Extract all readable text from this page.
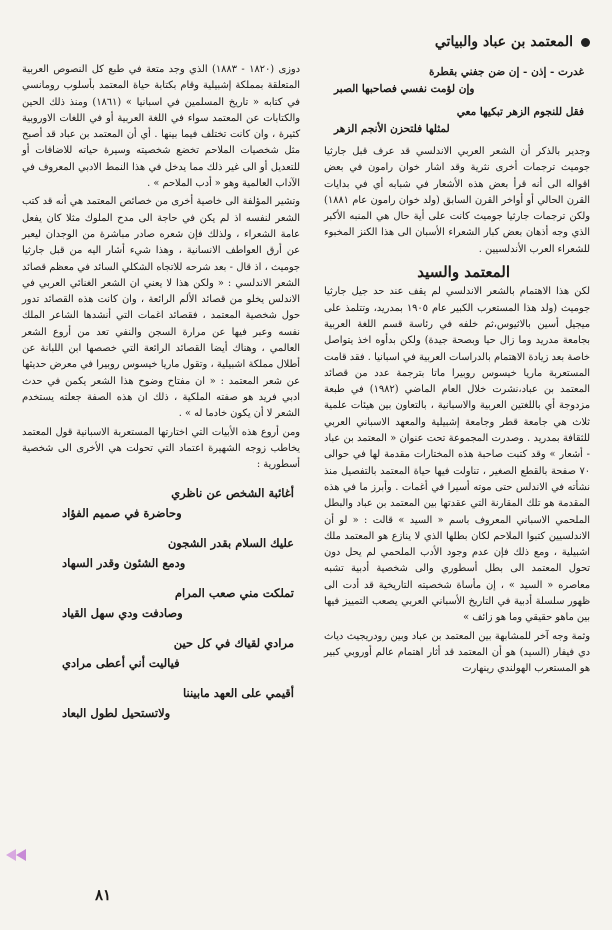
المعتمد بن عباد والبياتي
غدرت - إذن - إن ضن جفني بقطرة
وإن لؤمت نفسي فصاحبها الصبر
فقل للنجوم الزهر تبكيها معي
لمثلها فلتحزن الأنجم الزهر

وجدير بالذكر أن الشعر العربي الاندلسي قد عرف قبل جارثيا جوميث ترجمات أخرى نثرية وقد اشار خوان رامون في بعض اقواله الى أنه قرأ بعض هذه الأشعار في شبابه أي في بدايات القرن الحالي أو أواخر القرن السابق (ولد خوان رامون عام ١٨٨١) ولكن ترجمات جارثيا جوميث كانت على أية حال هي المنبه الأكبر الذي وجه أذهان بعض كبار الشعراء الأسبان الى هذا الكنز المخبوء للشعراء العرب الأندلسيين .

المعتمد والسيد

لكن هذا الاهتمام بالشعر الاندلسي لم يقف عند حد جيل جارثيا جوميث (ولد هذا المستعرب الكبير عام ١٩٠٥ بمدريد، وتتلمذ على ميجيل أسين بالاثيوس،ثم خلفه في رئاسة قسم اللغة العربية بجامعة مدريد وما زال حيا وبصحة جيدة) ولكن بدأوه اخذ يتواصل خاصة بعد زيادة الاهتمام بالدراسات العربية في اسبانيا . فقد قامت المستعربة ماريا خيسوس روبيرا ماتا بترجمة عدد من قصائد المعتمد بن عباد،نشرت خلال العام الماضي (١٩٨٢) في طبعة مزدوجة أي باللغتين العربية والاسبانية ، بالتعاون بين هيئات علمية ثلاث هي جامعة قطر وجامعة إشبيلية والمعهد الاسباني العربي للثقافة بمدريد . وصدرت المجموعة تحت عنوان « المعتمد بن عباد - أشعار » وقد كتبت صاحبة هذه المختارات مقدمة لها في حوالى ٧٠ صفحة بالقطع الصغير ، تناولت فيها حياة المعتمد بالتفصيل منذ نشأته في الاندلس حتى موته أسيرا في أغمات . وأبرز ما في هذه المقدمة هو تلك المقارنة التي عقدتها بين المعتمد بن عباد والبطل الملحمي الاسباني المعروف باسم « السيد » قالت : « لو أن الاندلسيين كتبوا الملاحم لكان بطلها الذي لا ينازع هو المعتمد ملك اشبيلية ، ومع ذلك فإن عدم وجود الأدب الملحمي لم يحل دون تحول المعتمد الى بطل أسطوري والى شخصية أدبية تشبه معاصره « السيد » ، إن مأساة شخصيته التاريخية قد أدت الى ظهور سلسلة أدبية في التاريخ الأسباني العربي يصعب التمييز فيها بين ماهو حقيقي وما هو زائف »

وثمة وجه آخر للمشابهة بين المعتمد بن عباد وبين رودريجيث دياث دي فيفار (السيد) هو أن المعتمد قد أثار اهتمام عالم أوروبي كبير هو المستعرب الهولندي رينهارت

دوزى (١٨٢٠ - ١٨٨٣) الذي وجد متعة في طبع كل النصوص العربية المتعلقة بمملكة إشبيلية وقام بكتابة حياة المعتمد بأسلوب رومانسي في كتابه « تاريخ المسلمين في اسبانيا » (١٨٦١) ومنذ ذلك الحين والكتابات عن المعتمد سواء في اللغة العربية أو في اللغات الاوروبية كثيرة ، وان كانت تختلف فيما بينها . أي أن المعتمد بن عباد قد أصبح مثل شخصيات الملاحم تخضع شخصيته وسيرة حياته للاضافات أو للتعديل أو الى غير ذلك مما يدخل في هذا النمط الادبي المعروف في الآداب العالمية وهو « أدب الملاحم » .

وتشير المؤلفة الى خاصية أخرى من خصائص المعتمد هي أنه قد كتب الشعر لنفسه اذ لم يكن في حاجة الى مدح الملوك مثلا كان يفعل عامة الشعراء ، ولذلك فإن شعره صادر مباشرة من الوجدان ليعبر عن أرق العواطف الانسانية ، وهذا شيء أشار اليه من قبل جارثيا جوميث ، اذ قال - بعد شرحه للاتجاه الشكلي السائد في معظم قصائد الشعر الاندلسي : « ولكن هذا لا يعني ان الشعر الغنائي العربي في الاندلس يخلو من قصائد الألم الرائعة ، وان كانت هذه القصائد تدور حول شخصية المعتمد ، فقصائد اغمات التي أنشدها الشاعر الملك نفسه وعبر فيها عن مرارة السجن والنفي تعد من أروع الشعر العالمي ، وهناك أيضا القصائد الرائعة التي خصصها ابن اللبانة عن أطلال مملكة اشبيلية ، وتقول ماريا خيسوس روبيرا في معرض حديثها عن شعر المعتمد : « ان مفتاح وضوح هذا الشعر يكمن في حدث ادبي فريد هو صفته الملكية ، ذلك ان هذه الصفة جعلته يستخدم الشعر لا أن يكون خادما له » .

ومن أروع هذه الأبيات التي اختارتها المستعربة الاسبانية قول المعتمد يخاطب زوجه الشهيرة اعتماد التي تحولت هي الأخرى الى شخصية أسطورية :

أغائبة الشخص عن ناظري
وحاضرة في صميم الفؤاد
عليك السلام بقدر الشجون
ودمع الشئون وقدر السهاد
تملكت مني صعب المرام
وصادفت ودي سهل القياد
مرادي لقياك في كل حين
فياليت أني أعطى مرادي
أقيمي على العهد مابيننا
ولاتستحيل لطول البعاد
٨١
